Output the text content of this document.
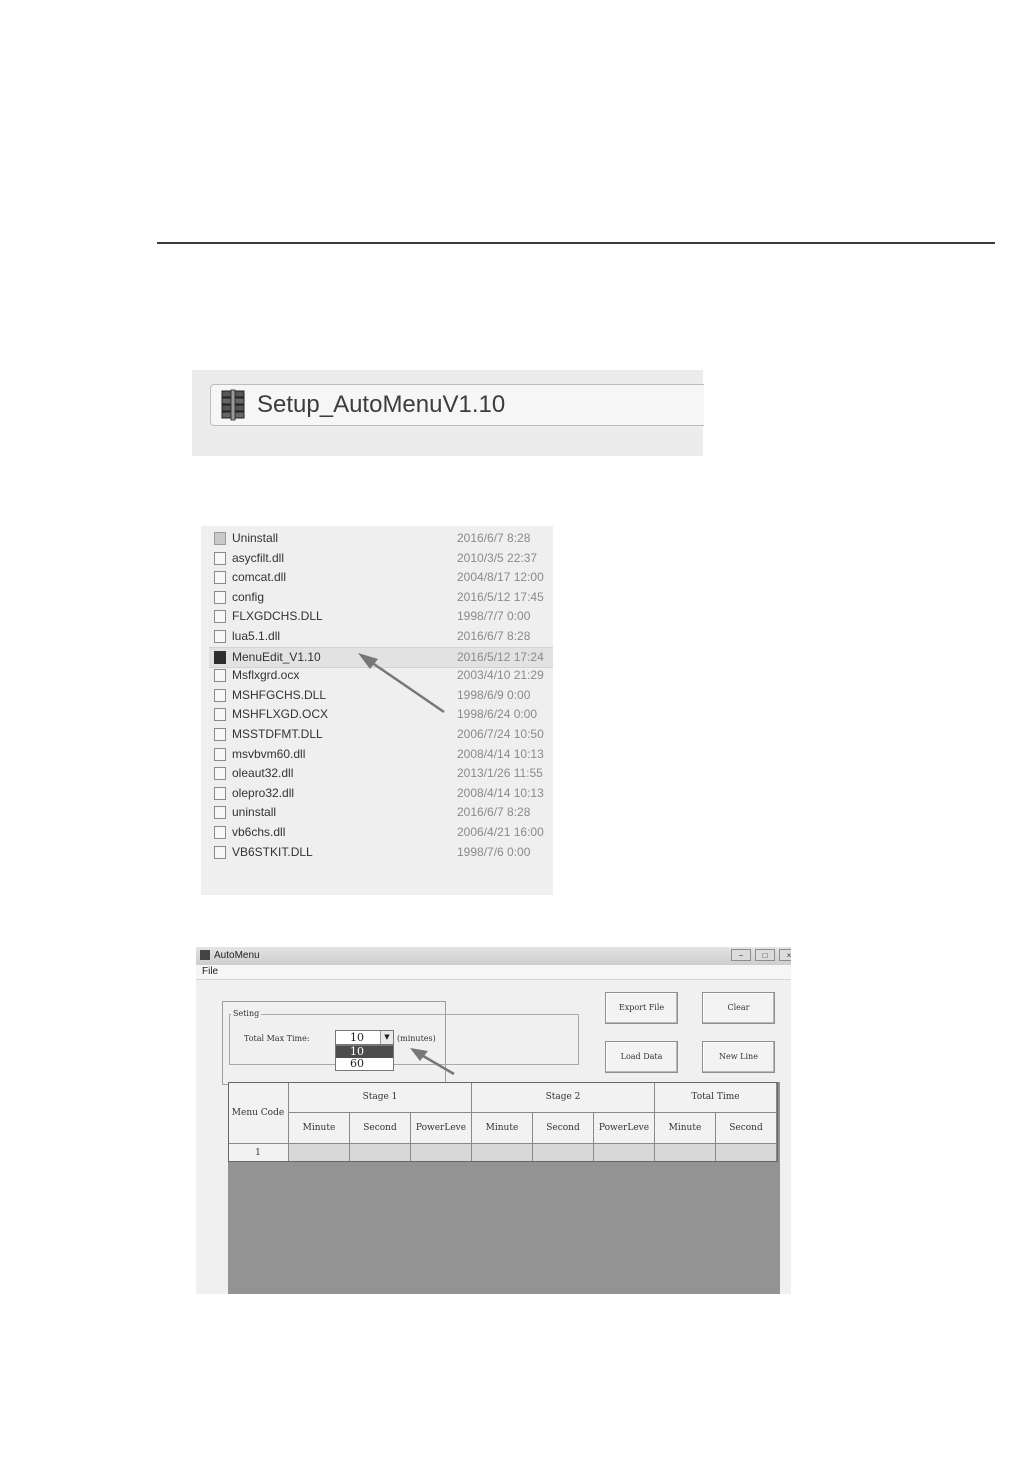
Setup_AutoMenuV1.10
Uninstall	2016/6/7 8:28
asycfilt.dll	2010/3/5 22:37
comcat.dll	2004/8/17 12:00
config	2016/5/12 17:45
FLXGDCHS.DLL	1998/7/7 0:00
lua5.1.dll	2016/6/7 8:28
MenuEdit_V1.10	2016/5/12 17:24
Msflxgrd.ocx	2003/4/10 21:29
MSHFGCHS.DLL	1998/6/9 0:00
MSHFLXGD.OCX	1998/6/24 0:00
MSSTDFMT.DLL	2006/7/24 10:50
msvbvm60.dll	2008/4/14 10:13
oleaut32.dll	2013/1/26 11:55
olepro32.dll	2008/4/14 10:13
uninstall	2016/6/7 8:28
vb6chs.dll	2006/4/21 16:00
VB6STKIT.DLL	1998/7/6 0:00
AutoMenu	−	□	×
File
Seting
Total Max Time:	10	▼ (minutes)
10
60
Export File	Clear
Load Data	New Line
Menu Code
Stage 1	Stage 2	Total Time
Minute	Second	PowerLeve	Minute	Second	PowerLeve	Minute	Second
1
